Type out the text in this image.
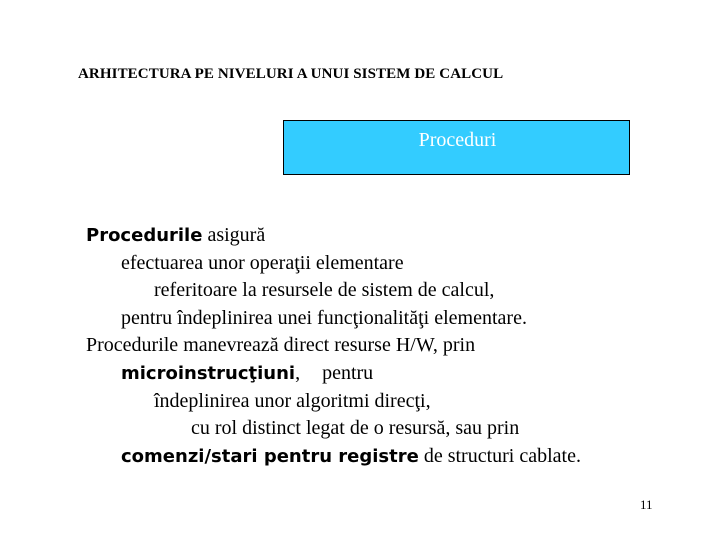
ARHITECTURA PE NIVELURI A UNUI SISTEM DE CALCUL
Proceduri
Procedurile asigură
efectuarea unor operaţii elementare
referitoare la resursele de sistem de calcul,
pentru îndeplinirea unei funcţionalităţi elementare.
Procedurile manevrează direct resurse H/W, prin
microinstrucţiuni, pentru
îndeplinirea unor algoritmi direcţi,
cu rol distinct legat de o resursă, sau prin
comenzi/stari pentru registre de structuri cablate.
11
